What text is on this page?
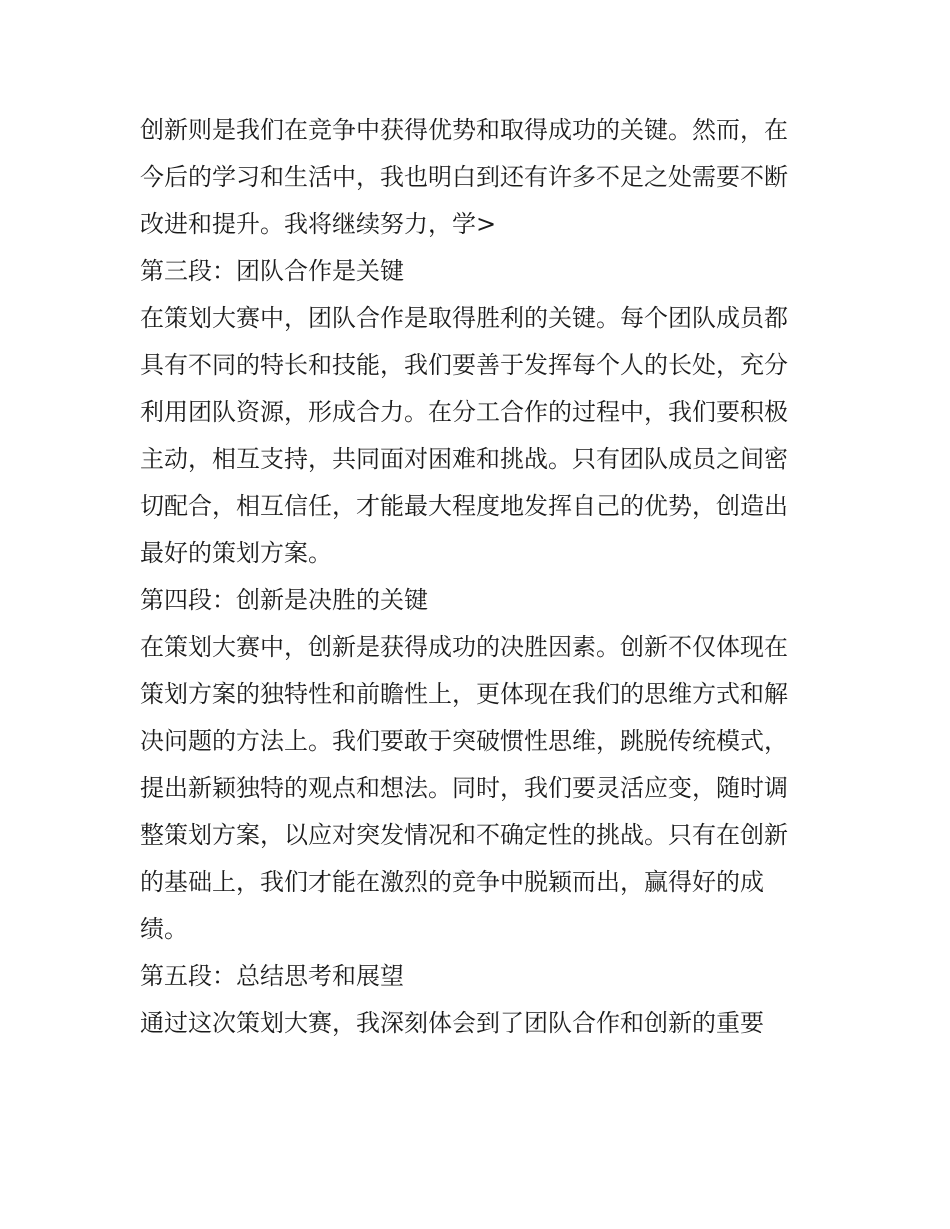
创新则是我们在竞争中获得优势和取得成功的关键。然而，在
今后的学习和生活中，我也明白到还有许多不足之处需要不断
改进和提升。我将继续努力，学>
第三段：团队合作是关键
在策划大赛中，团队合作是取得胜利的关键。每个团队成员都
具有不同的特长和技能，我们要善于发挥每个人的长处，充分
利用团队资源，形成合力。在分工合作的过程中，我们要积极
主动，相互支持，共同面对困难和挑战。只有团队成员之间密
切配合，相互信任，才能最大程度地发挥自己的优势，创造出
最好的策划方案。
第四段：创新是决胜的关键
在策划大赛中，创新是获得成功的决胜因素。创新不仅体现在
策划方案的独特性和前瞻性上，更体现在我们的思维方式和解
决问题的方法上。我们要敢于突破惯性思维，跳脱传统模式，
提出新颖独特的观点和想法。同时，我们要灵活应变，随时调
整策划方案，以应对突发情况和不确定性的挑战。只有在创新
的基础上，我们才能在激烈的竞争中脱颖而出，赢得好的成
绩。
第五段：总结思考和展望
通过这次策划大赛，我深刻体会到了团队合作和创新的重要
